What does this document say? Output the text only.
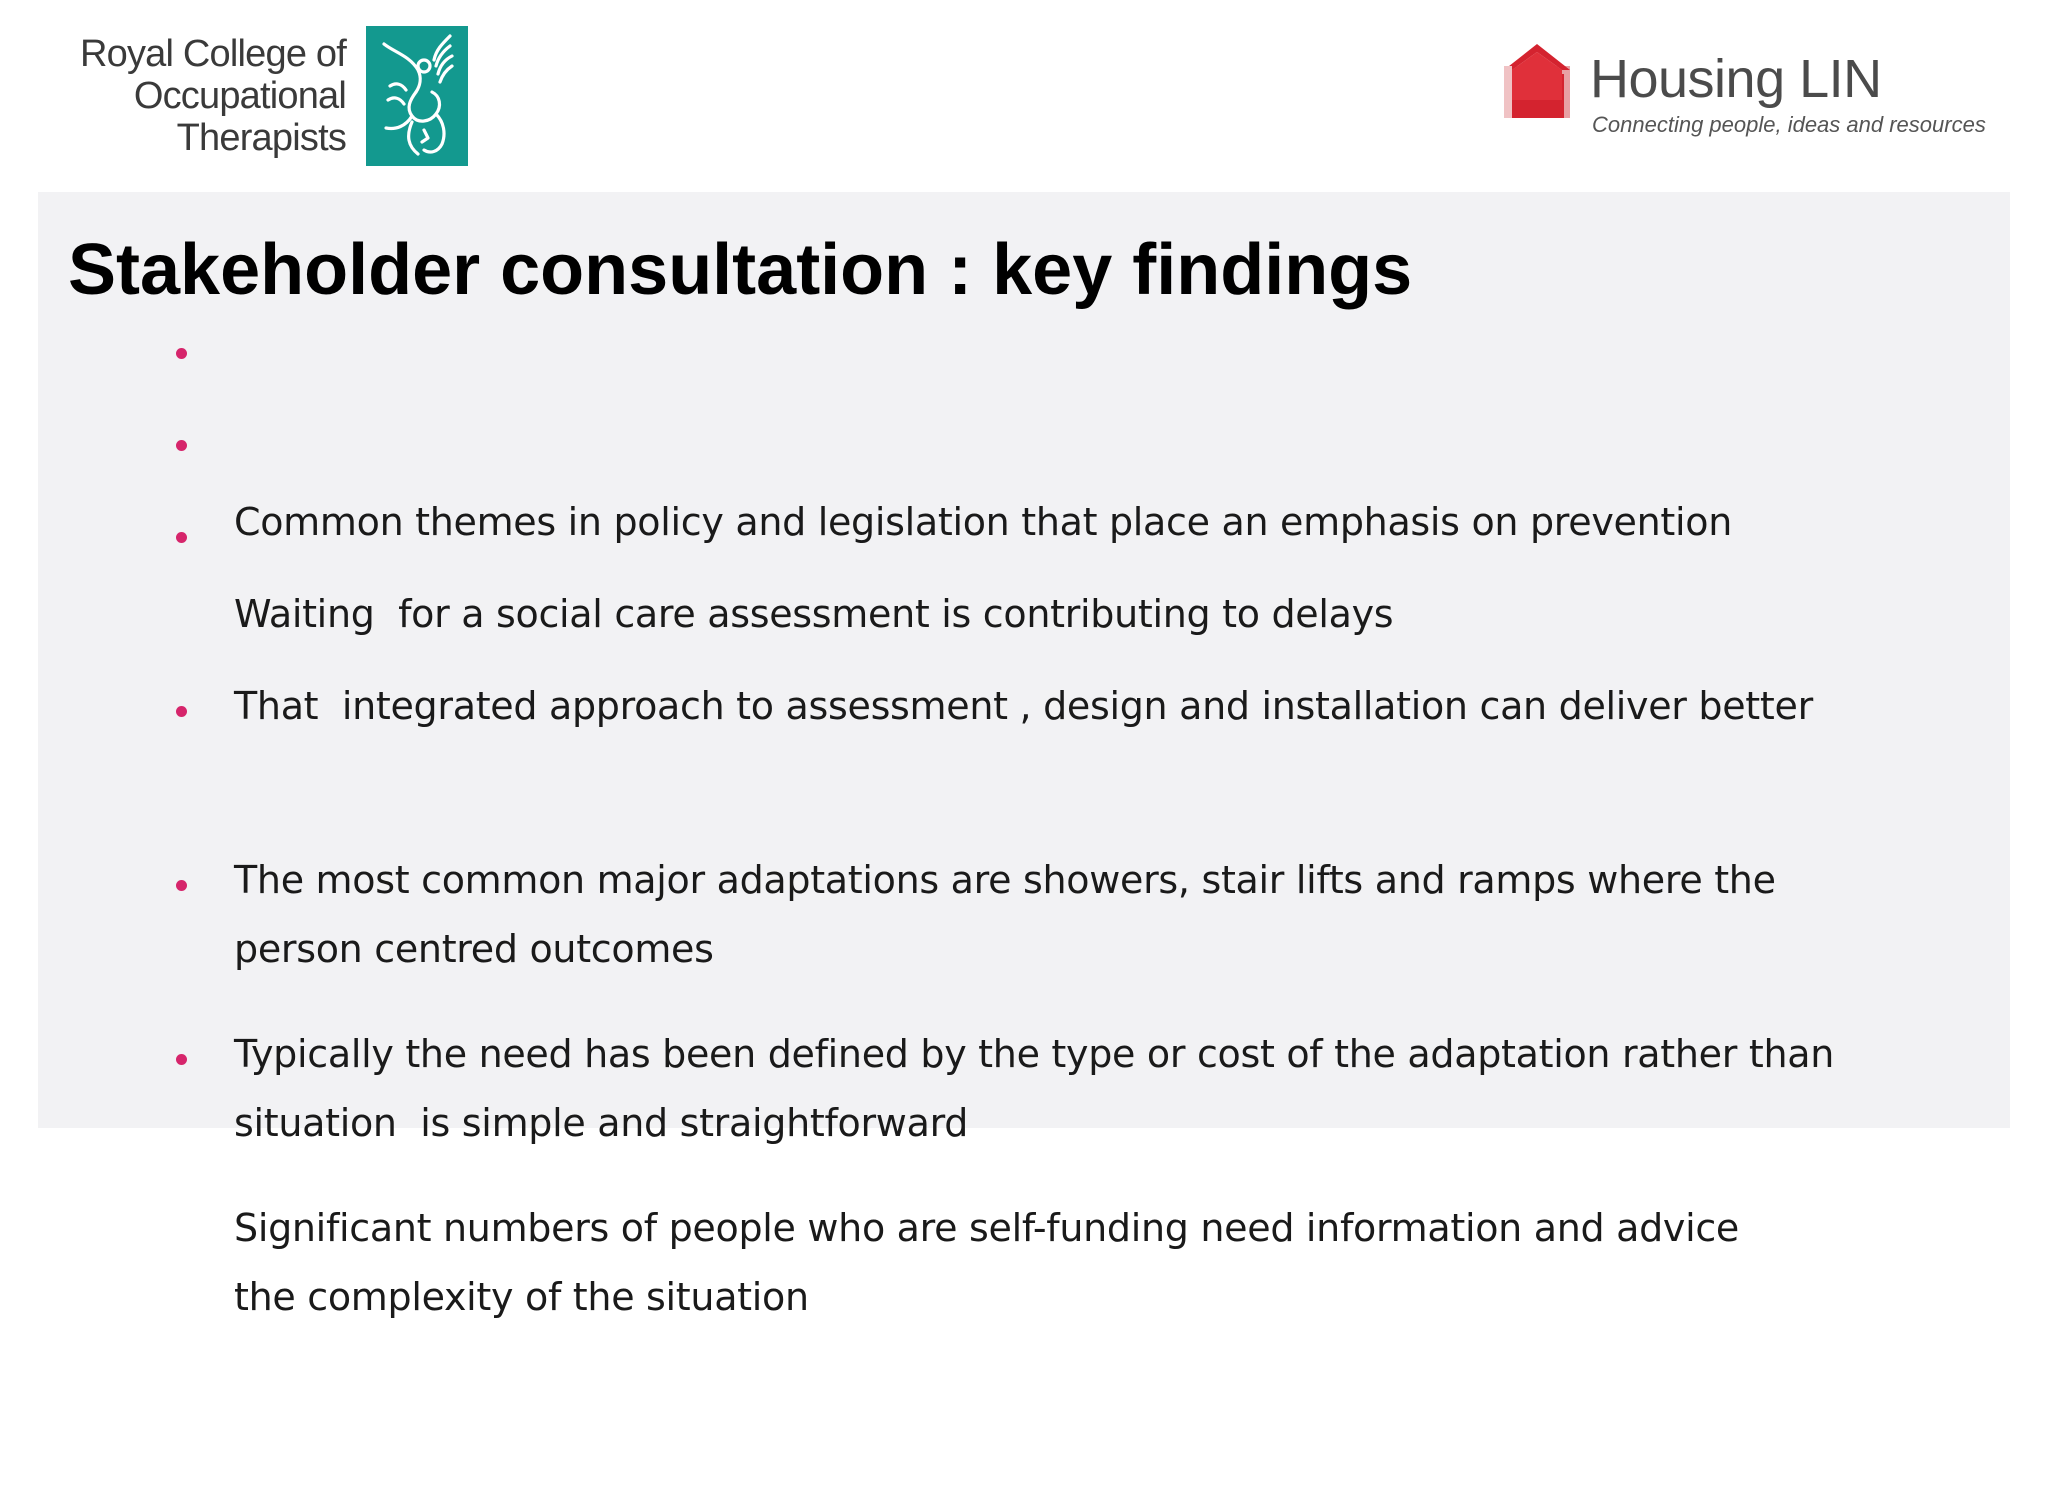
Royal College of
Occupational
Therapists
Housing LIN
Connecting people, ideas and resources
Stakeholder consultation : key findings

Common themes in policy and legislation that place an emphasis on prevention

Waiting  for a social care assessment is contributing to delays

That  integrated approach to assessment , design and installation can deliver better

person centred outcomes

The most common major adaptations are showers, stair lifts and ramps where the

situation  is simple and straightforward

Typically the need has been defined by the type or cost of the adaptation rather than

the complexity of the situation

Significant numbers of people who are self-funding need information and advice
